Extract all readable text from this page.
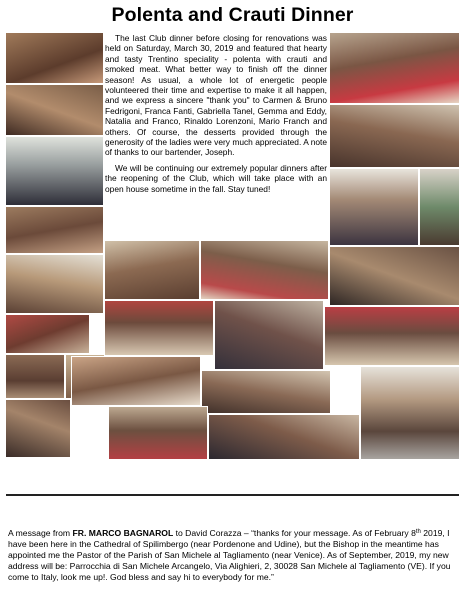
Polenta and Crauti Dinner

The last Club dinner before closing for renovations was held on Saturday, March 30, 2019 and featured that hearty and tasty Trentino speciality - polenta with crauti and smoked meat. What better way to finish off the dinner season! As usual, a whole lot of energetic people volunteered their time and expertise to make it all happen, and we express a sincere "thank you" to Carmen & Bruno Fedrigoni, Franca Fanti, Gabriella Tanel, Gemma and Eddy, Natalia and Franco, Rinaldo Lorenzoni, Mario Franch and others. Of course, the desserts provided through the generosity of the ladies were very much appreciated. A note of thanks to our bartender, Joseph.

We will be continuing our extremely popular dinners after the reopening of the Club, which will take place with an open house sometime in the fall. Stay tuned!

A message from FR. MARCO BAGNAROL to David Corazza – “thanks for your message. As of February 8th 2019, I have been here in the Cathedral of Spilimbergo (near Pordenone and Udine), but the Bishop in the meantime has appointed me the Pastor of the Parish of San Michele al Tagliamento (near Venice). As of September, 2019, my new address will be: Parrocchia di San Michele Arcangelo, Via Alighieri, 2, 30028 San Michele al Tagliamento (VE). If you come to Italy, look me up!. God bless and say hi to everybody for me.”
